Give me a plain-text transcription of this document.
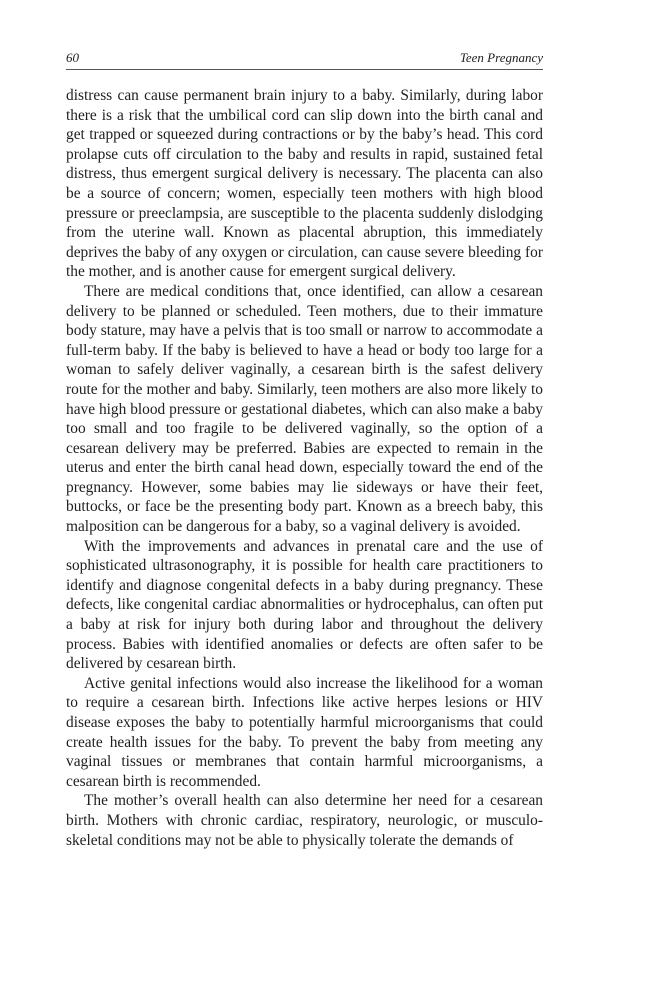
60	Teen Pregnancy

distress can cause permanent brain injury to a baby. Similarly, during labor there is a risk that the umbilical cord can slip down into the birth canal and get trapped or squeezed during contractions or by the baby’s head. This cord prolapse cuts off circulation to the baby and results in rapid, sustained fetal distress, thus emergent surgical delivery is necessary. The placenta can also be a source of concern; women, especially teen mothers with high blood pressure or preeclampsia, are susceptible to the placenta suddenly dislodging from the uterine wall. Known as placental abruption, this immediately deprives the baby of any oxygen or circulation, can cause severe bleeding for the mother, and is another cause for emergent surgical delivery.

There are medical conditions that, once identified, can allow a cesarean delivery to be planned or scheduled. Teen mothers, due to their immature body stature, may have a pelvis that is too small or narrow to accommodate a full-term baby. If the baby is believed to have a head or body too large for a woman to safely deliver vaginally, a cesarean birth is the safest delivery route for the mother and baby. Similarly, teen mothers are also more likely to have high blood pressure or gestational diabetes, which can also make a baby too small and too fragile to be delivered vaginally, so the option of a cesarean delivery may be preferred. Babies are expected to remain in the uterus and enter the birth canal head down, especially toward the end of the pregnancy. However, some babies may lie sideways or have their feet, buttocks, or face be the presenting body part. Known as a breech baby, this malposition can be dangerous for a baby, so a vaginal delivery is avoided.

With the improvements and advances in prenatal care and the use of sophisticated ultrasonography, it is possible for health care practitioners to identify and diagnose congenital defects in a baby during pregnancy. These defects, like congenital cardiac abnormalities or hydrocephalus, can often put a baby at risk for injury both during labor and throughout the delivery process. Babies with identified anomalies or defects are often safer to be delivered by cesarean birth.

Active genital infections would also increase the likelihood for a woman to require a cesarean birth. Infections like active herpes lesions or HIV disease exposes the baby to potentially harmful microorganisms that could create health issues for the baby. To prevent the baby from meeting any vaginal tissues or membranes that contain harmful microorganisms, a cesarean birth is recommended.

The mother’s overall health can also determine her need for a cesarean birth. Mothers with chronic cardiac, respiratory, neurologic, or musculoskeletal conditions may not be able to physically tolerate the demands of
